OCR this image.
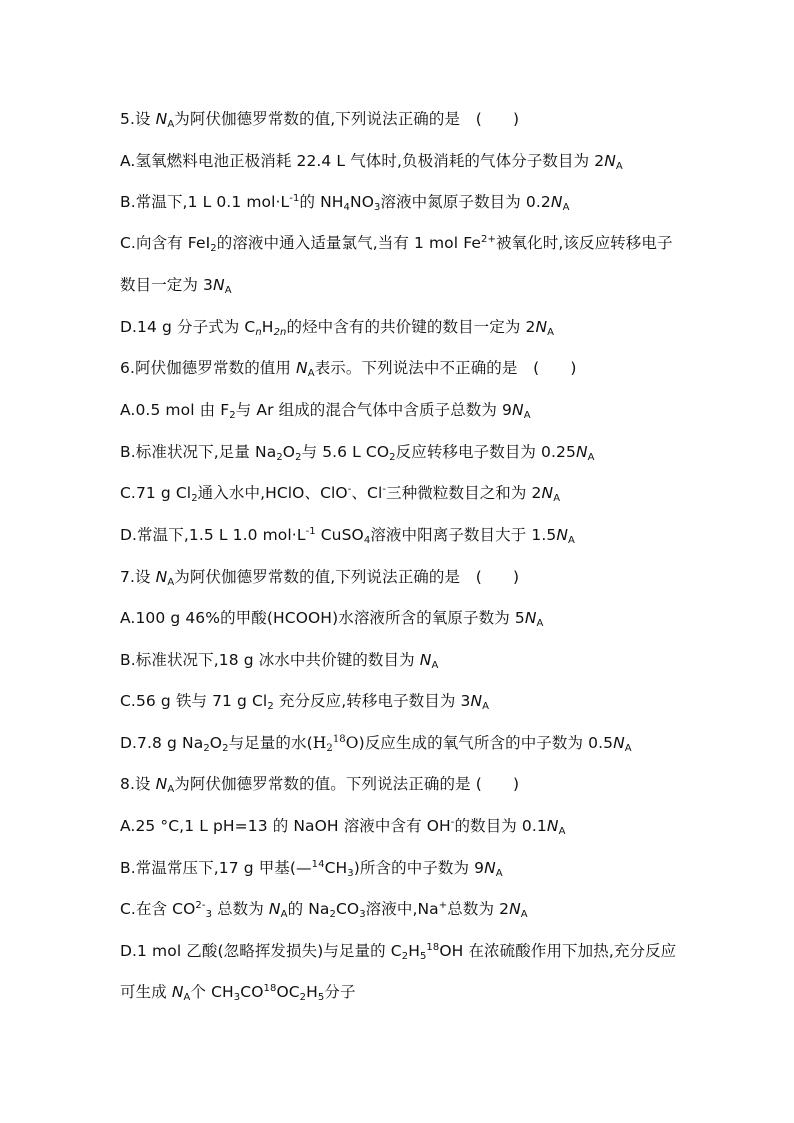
5.设 $N_A$为阿伏伽德罗常数的值,下列说法正确的是　(　　)
A.氢氧燃料电池正极消耗 22.4 L 气体时,负极消耗的气体分子数目为 $2N_A$
B.常温下,1 L 0.1 $mol\cdot L^{-1}$的 $NH_4NO_3$溶液中氮原子数目为 $0.2N_A$
C.向含有 FeI$_2$的溶液中通入适量氯气,当有 1 mol $Fe^{2+}$被氧化时,该反应转移电子
数目一定为 $3N_A$
D.14 g 分子式为 $C_nH_{2n}$的烃中含有的共价键的数目一定为 $2N_A$
6.阿伏伽德罗常数的值用 $N_A$表示。下列说法中不正确的是　(　　)
A.0.5 mol 由 $F_2$与 Ar 组成的混合气体中含质子总数为 $9N_A$
B.标准状况下,足量 $Na_2O_2$与 5.6 L $CO_2$反应转移电子数目为 $0.25N_A$
C.71 g $Cl_2$通入水中,HClO、ClO-、Cl-三种微粒数目之和为 $2N_A$
D.常温下,1.5 L 1.0 $mol\cdot L^{-1}$ CuSO$_4$溶液中阳离子数目大于 $1.5N_A$
7.设 $N_A$为阿伏伽德罗常数的值,下列说法正确的是　(　　)
A.100 g 46%的甲酸(HCOOH)水溶液所含的氧原子数为 $5N_A$
B.标准状况下,18 g 冰水中共价键的数目为 $N_A$
C.56 g 铁与 71 g $Cl_2$ 充分反应,转移电子数目为 $3N_A$
D.7.8 g $Na_2O_2$与足量的水$(H_2^{18}O)$反应生成的氧气所含的中子数为 $0.5N_A$
8.设 $N_A$为阿伏伽德罗常数的值。下列说法正确的是 (　　)
A.25 °C,1 L pH=13 的 NaOH 溶液中含有 OH-的数目为 $0.1N_A$
B.常温常压下,17 g 甲基$(—^{14}CH_3)$所含的中子数为 $9N_A$
C.在含 $CO^{2-}_3$ 总数为 $N_A$的 $Na_2CO_3$溶液中,Na+总数为 $2N_A$
D.1 mol 乙酸(忽略挥发损失)与足量的 $C_2H_5^{18}OH$ 在浓硫酸作用下加热,充分反应
可生成 $N_A$个 $CH_3CO^{18}OC_2H_5$分子
